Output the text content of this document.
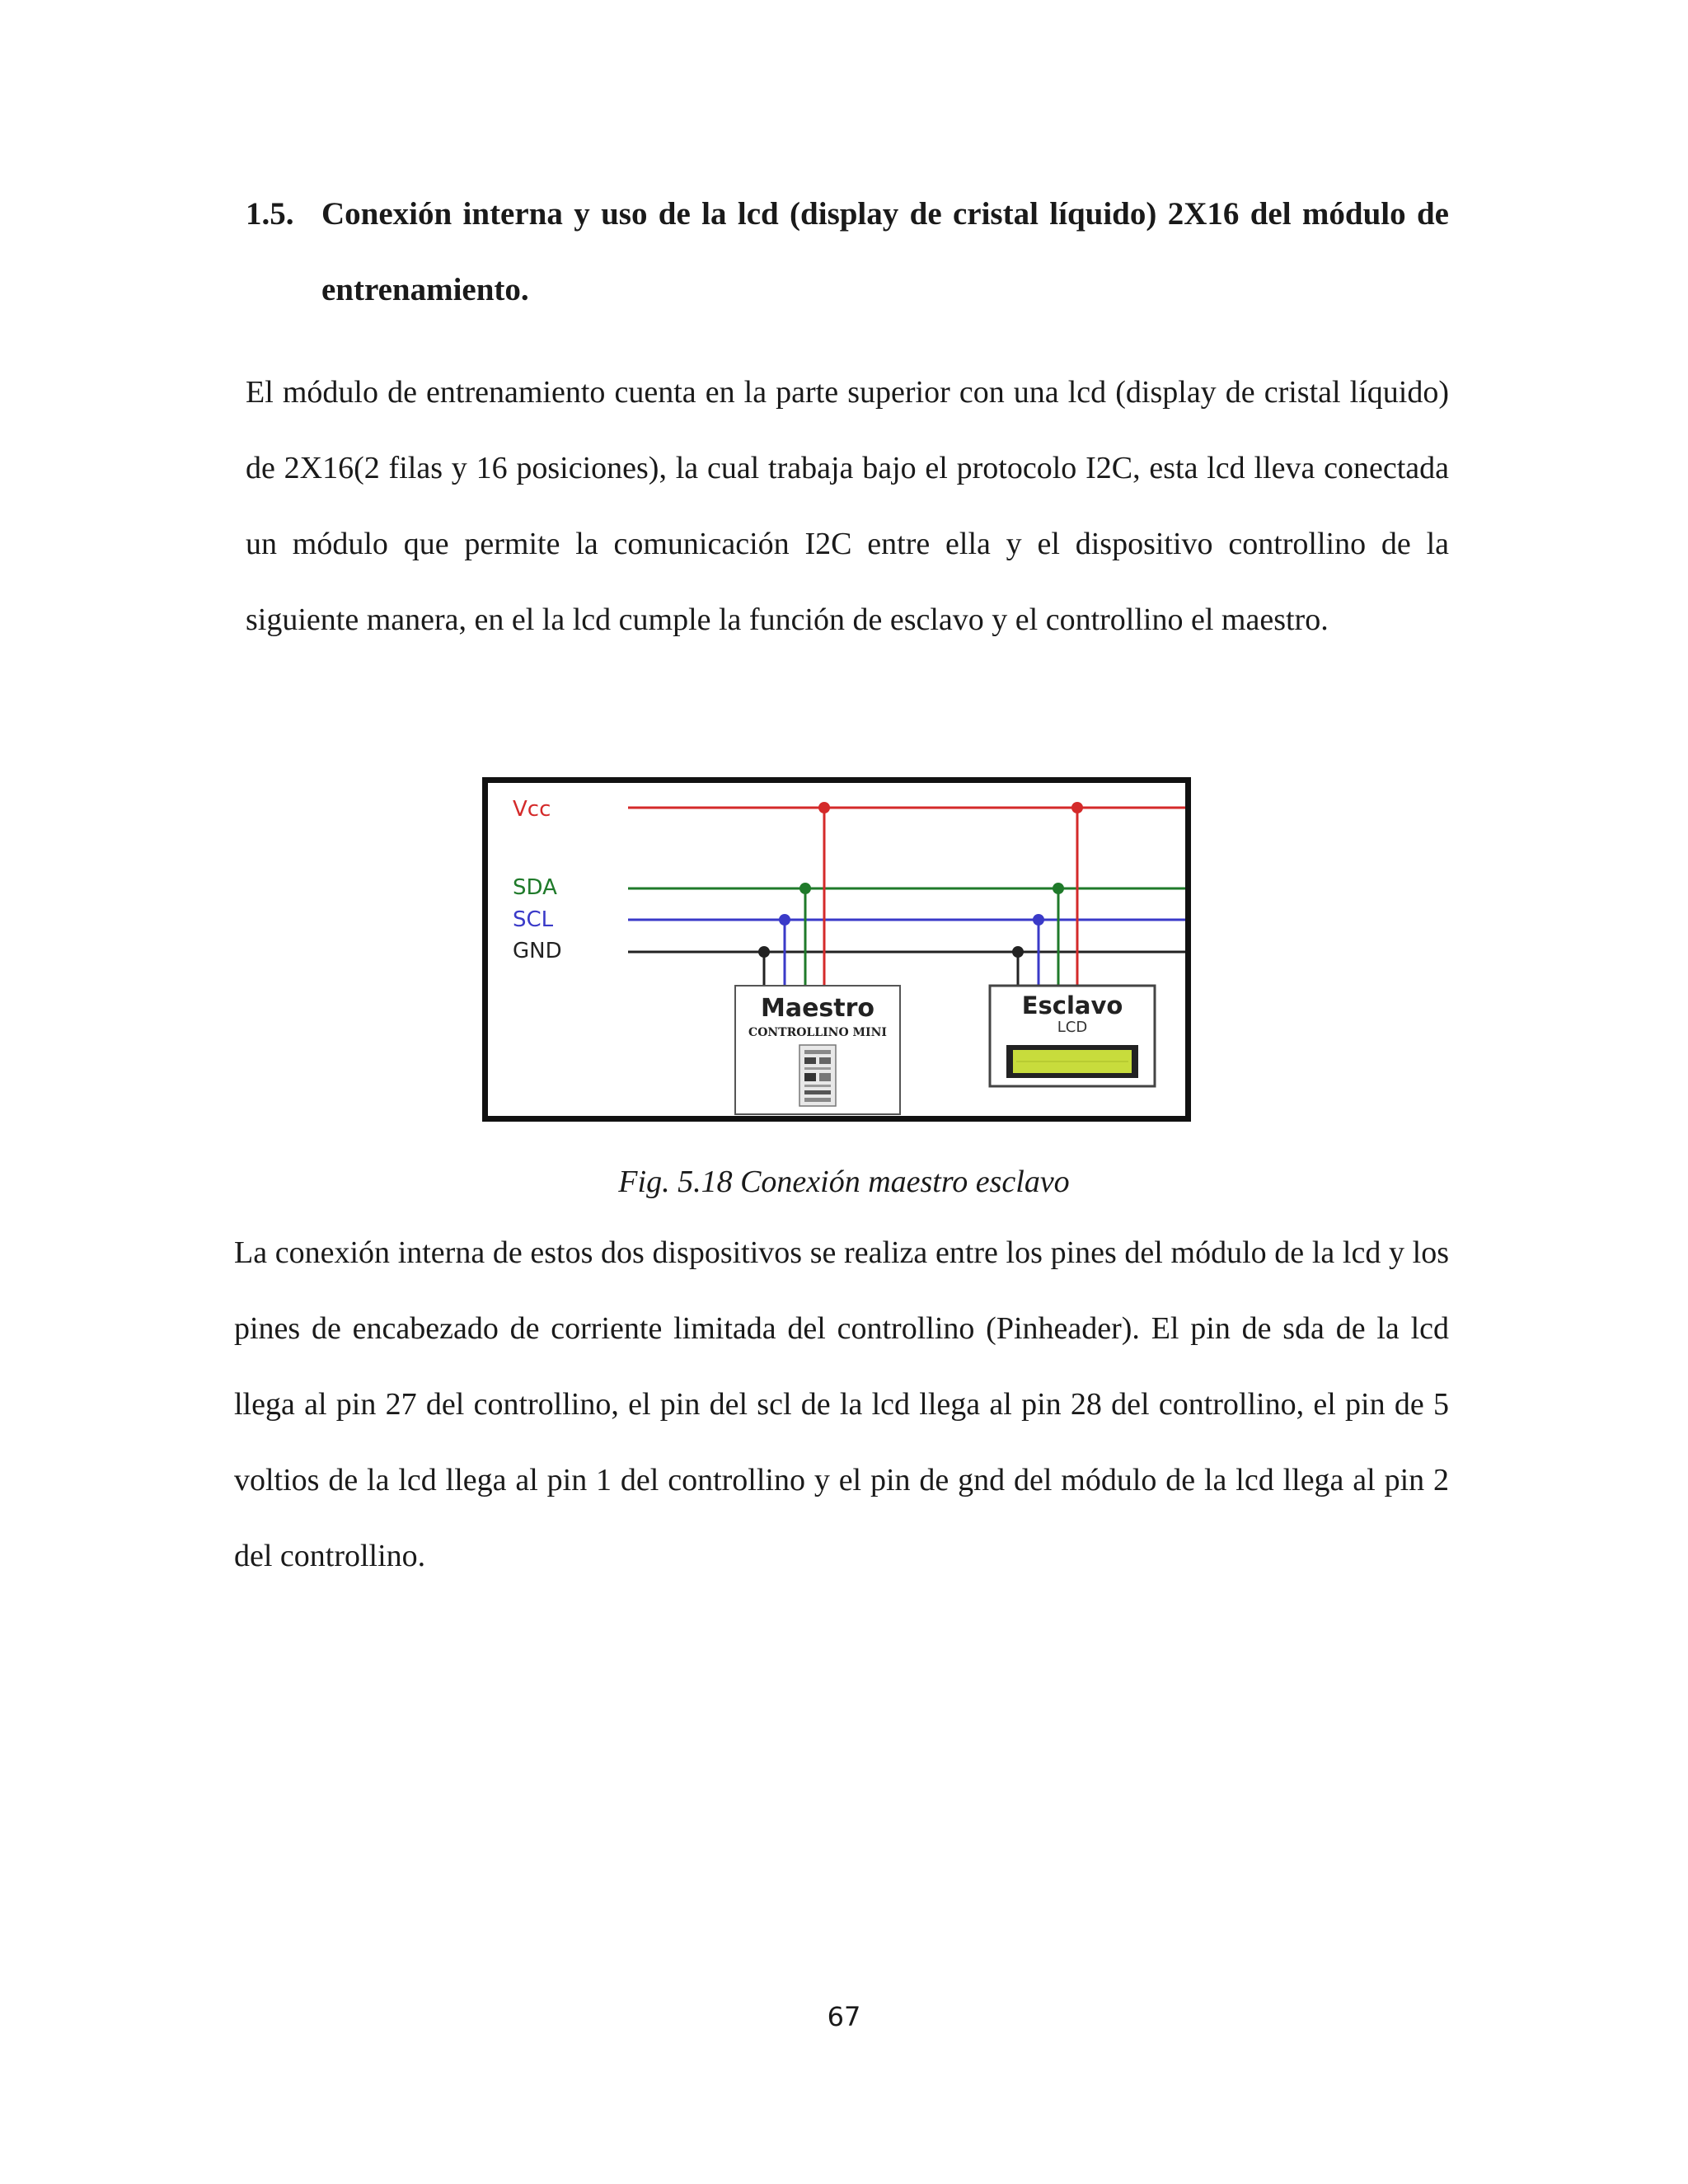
1.5. Conexión interna y uso de la lcd (display de cristal líquido) 2X16 del módulo de
entrenamiento.

El módulo de entrenamiento cuenta en la parte superior con una lcd (display de cristal líquido) de 2X16(2 filas y 16 posiciones), la cual trabaja bajo el protocolo I2C, esta lcd lleva conectada un módulo que permite la comunicación I2C entre ella y el dispositivo controllino de la siguiente manera, en el la lcd cumple la función de esclavo y el controllino el maestro.

Vcc
SDA
SCL
GND
Maestro
CONTROLLINO MINI
Esclavo
LCD
Fig. 5.18 Conexión maestro esclavo

La conexión interna de estos dos dispositivos se realiza entre los pines del módulo de la lcd y los pines de encabezado de corriente limitada del controllino (Pinheader). El pin de sda de la lcd llega al pin 27 del controllino, el pin del scl de la lcd llega al pin 28 del controllino, el pin de 5 voltios de la lcd llega al pin 1 del controllino y el pin de gnd del módulo de la lcd llega al pin 2 del controllino.

67
